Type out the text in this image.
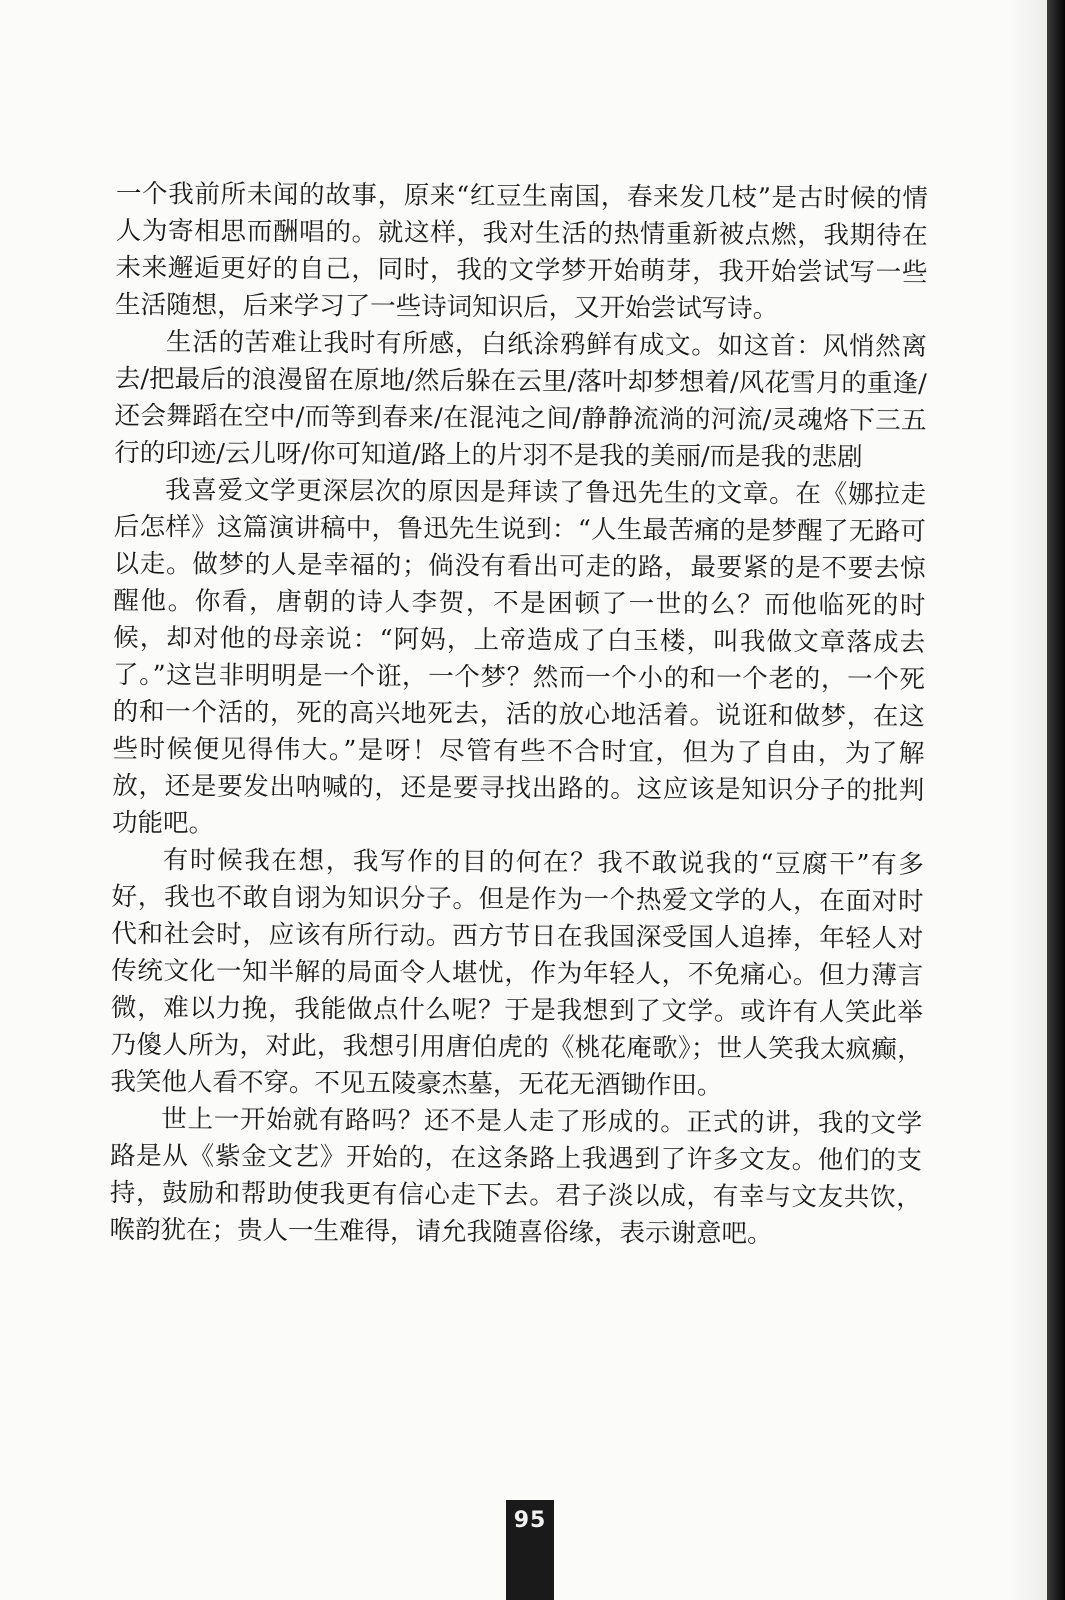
一个我前所未闻的故事，原来“红豆生南国，春来发几枝”是古时候的情人为寄相思而酬唱的。就这样，我对生活的热情重新被点燃，我期待在未来邂逅更好的自己，同时，我的文学梦开始萌芽，我开始尝试写一些生活随想，后来学习了一些诗词知识后，又开始尝试写诗。

生活的苦难让我时有所感，白纸涂鸦鲜有成文。如这首：风悄然离去/把最后的浪漫留在原地/然后躲在云里/落叶却梦想着/风花雪月的重逢/还会舞蹈在空中/而等到春来/在混沌之间/静静流淌的河流/灵魂烙下三五行的印迹/云儿呀/你可知道/路上的片羽不是我的美丽/而是我的悲剧

我喜爱文学更深层次的原因是拜读了鲁迅先生的文章。在《娜拉走后怎样》这篇演讲稿中，鲁迅先生说到：“人生最苦痛的是梦醒了无路可以走。做梦的人是幸福的；倘没有看出可走的路，最要紧的是不要去惊醒他。你看，唐朝的诗人李贺，不是困顿了一世的么？而他临死的时候，却对他的母亲说：“阿妈，上帝造成了白玉楼，叫我做文章落成去了。”这岂非明明是一个诳，一个梦？然而一个小的和一个老的，一个死的和一个活的，死的高兴地死去，活的放心地活着。说诳和做梦，在这些时候便见得伟大。”是呀！尽管有些不合时宜，但为了自由，为了解放，还是要发出呐喊的，还是要寻找出路的。这应该是知识分子的批判功能吧。

有时候我在想，我写作的目的何在？我不敢说我的“豆腐干”有多好，我也不敢自诩为知识分子。但是作为一个热爱文学的人，在面对时代和社会时，应该有所行动。西方节日在我国深受国人追捧，年轻人对传统文化一知半解的局面令人堪忧，作为年轻人，不免痛心。但力薄言微，难以力挽，我能做点什么呢？于是我想到了文学。或许有人笑此举乃傻人所为，对此，我想引用唐伯虎的《桃花庵歌》；世人笑我太疯癫，我笑他人看不穿。不见五陵豪杰墓，无花无酒锄作田。

世上一开始就有路吗？还不是人走了形成的。正式的讲，我的文学路是从《紫金文艺》开始的，在这条路上我遇到了许多文友。他们的支持，鼓励和帮助使我更有信心走下去。君子淡以成，有幸与文友共饮，喉韵犹在；贵人一生难得，请允我随喜俗缘，表示谢意吧。

95
